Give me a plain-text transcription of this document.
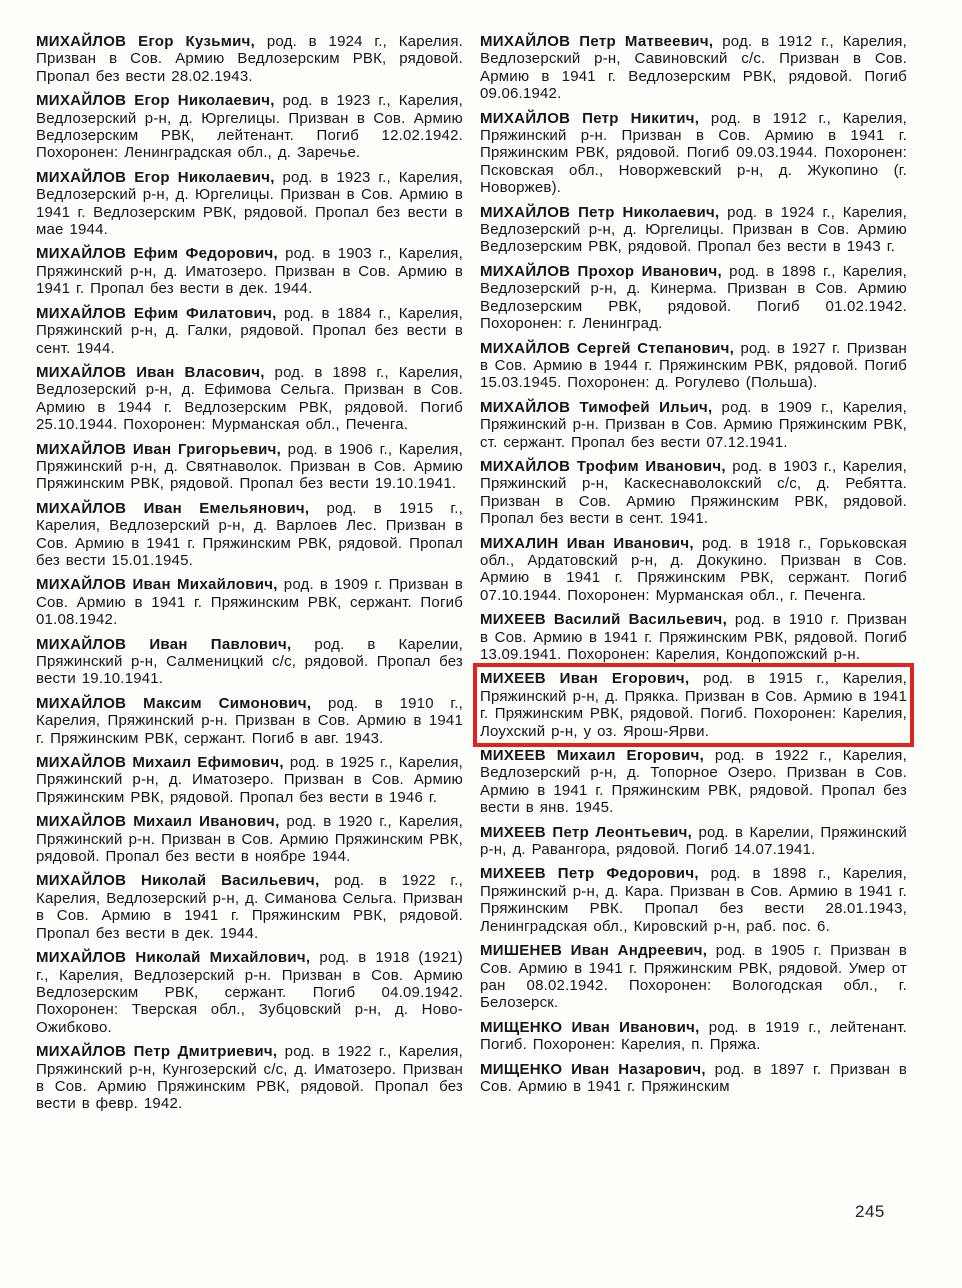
МИХАЙЛОВ Егор Кузьмич, род. в 1924 г., Карелия. Призван в Сов. Армию Ведлозерским РВК, рядовой. Пропал без вести 28.02.1943.

МИХАЙЛОВ Егор Николаевич, род. в 1923 г., Карелия, Ведлозерский р-н, д. Юргелицы. Призван в Сов. Армию Ведлозерским РВК, лейтенант. Погиб 12.02.1942. Похоронен: Ленинградская обл., д. Заречье.

МИХАЙЛОВ Егор Николаевич, род. в 1923 г., Карелия, Ведлозерский р-н, д. Юргелицы. Призван в Сов. Армию в 1941 г. Ведлозерским РВК, рядовой. Пропал без вести в мае 1944.

МИХАЙЛОВ Ефим Федорович, род. в 1903 г., Карелия, Пряжинский р-н, д. Иматозеро. Призван в Сов. Армию в 1941 г. Пропал без вести в дек. 1944.

МИХАЙЛОВ Ефим Филатович, род. в 1884 г., Карелия, Пряжинский р-н, д. Галки, рядовой. Пропал без вести в сент. 1944.

МИХАЙЛОВ Иван Власович, род. в 1898 г., Карелия, Ведлозерский р-н, д. Ефимова Сельга. Призван в Сов. Армию в 1944 г. Ведлозерским РВК, рядовой. Погиб 25.10.1944. Похоронен: Мурманская обл., Печенга.

МИХАЙЛОВ Иван Григорьевич, род. в 1906 г., Карелия, Пряжинский р-н, д. Святнаволок. Призван в Сов. Армию Пряжинским РВК, рядовой. Пропал без вести 19.10.1941.

МИХАЙЛОВ Иван Емельянович, род. в 1915 г., Карелия, Ведлозерский р-н, д. Варлоев Лес. Призван в Сов. Армию в 1941 г. Пряжинским РВК, рядовой. Пропал без вести 15.01.1945.

МИХАЙЛОВ Иван Михайлович, род. в 1909 г. Призван в Сов. Армию в 1941 г. Пряжинским РВК, сержант. Погиб 01.08.1942.

МИХАЙЛОВ Иван Павлович, род. в Карелии, Пряжинский р-н, Салменицкий с/с, рядовой. Пропал без вести 19.10.1941.

МИХАЙЛОВ Максим Симонович, род. в 1910 г., Карелия, Пряжинский р-н. Призван в Сов. Армию в 1941 г. Пряжинским РВК, сержант. Погиб в авг. 1943.

МИХАЙЛОВ Михаил Ефимович, род. в 1925 г., Карелия, Пряжинский р-н, д. Иматозеро. Призван в Сов. Армию Пряжинским РВК, рядовой. Пропал без вести в 1946 г.

МИХАЙЛОВ Михаил Иванович, род. в 1920 г., Карелия, Пряжинский р-н. Призван в Сов. Армию Пряжинским РВК, рядовой. Пропал без вести в ноябре 1944.

МИХАЙЛОВ Николай Васильевич, род. в 1922 г., Карелия, Ведлозерский р-н, д. Симанова Сельга. Призван в Сов. Армию в 1941 г. Пряжинским РВК, рядовой. Пропал без вести в дек. 1944.

МИХАЙЛОВ Николай Михайлович, род. в 1918 (1921) г., Карелия, Ведлозерский р-н. Призван в Сов. Армию Ведлозерским РВК, сержант. Погиб 04.09.1942. Похоронен: Тверская обл., Зубцовский р-н, д. Ново-Ожибково.

МИХАЙЛОВ Петр Дмитриевич, род. в 1922 г., Карелия, Пряжинский р-н, Кунгозерский с/с, д. Иматозеро. Призван в Сов. Армию Пряжинским РВК, рядовой. Пропал без вести в февр. 1942.

МИХАЙЛОВ Петр Матвеевич, род. в 1912 г., Карелия, Ведлозерский р-н, Савиновский с/с. Призван в Сов. Армию в 1941 г. Ведлозерским РВК, рядовой. Погиб 09.06.1942.

МИХАЙЛОВ Петр Никитич, род. в 1912 г., Карелия, Пряжинский р-н. Призван в Сов. Армию в 1941 г. Пряжинским РВК, рядовой. Погиб 09.03.1944. Похоронен: Псковская обл., Новоржевский р-н, д. Жукопино (г. Новоржев).

МИХАЙЛОВ Петр Николаевич, род. в 1924 г., Карелия, Ведлозерский р-н, д. Юргелицы. Призван в Сов. Армию Ведлозерским РВК, рядовой. Пропал без вести в 1943 г.

МИХАЙЛОВ Прохор Иванович, род. в 1898 г., Карелия, Ведлозерский р-н, д. Кинерма. Призван в Сов. Армию Ведлозерским РВК, рядовой. Погиб 01.02.1942. Похоронен: г. Ленинград.

МИХАЙЛОВ Сергей Степанович, род. в 1927 г. Призван в Сов. Армию в 1944 г. Пряжинским РВК, рядовой. Погиб 15.03.1945. Похоронен: д. Рогулево (Польша).

МИХАЙЛОВ Тимофей Ильич, род. в 1909 г., Карелия, Пряжинский р-н. Призван в Сов. Армию Пряжинским РВК, ст. сержант. Пропал без вести 07.12.1941.

МИХАЙЛОВ Трофим Иванович, род. в 1903 г., Карелия, Пряжинский р-н, Каскеснаволокский с/с, д. Ребятта. Призван в Сов. Армию Пряжинским РВК, рядовой. Пропал без вести в сент. 1941.

МИХАЛИН Иван Иванович, род. в 1918 г., Горьковская обл., Ардатовский р-н, д. Докукино. Призван в Сов. Армию в 1941 г. Пряжинским РВК, сержант. Погиб 07.10.1944. Похоронен: Мурманская обл., г. Печенга.

МИХЕЕВ Василий Васильевич, род. в 1910 г. Призван в Сов. Армию в 1941 г. Пряжинским РВК, рядовой. Погиб 13.09.1941. Похоронен: Карелия, Кондопожский р-н.

МИХЕЕВ Иван Егорович, род. в 1915 г., Карелия, Пряжинский р-н, д. Прякка. Призван в Сов. Армию в 1941 г. Пряжинским РВК, рядовой. Погиб. Похоронен: Карелия, Лоухский р-н, у оз. Ярош-Ярви.

МИХЕЕВ Михаил Егорович, род. в 1922 г., Карелия, Ведлозерский р-н, д. Топорное Озеро. Призван в Сов. Армию в 1941 г. Пряжинским РВК, рядовой. Пропал без вести в янв. 1945.

МИХЕЕВ Петр Леонтьевич, род. в Карелии, Пряжинский р-н, д. Равангора, рядовой. Погиб 14.07.1941.

МИХЕЕВ Петр Федорович, род. в 1898 г., Карелия, Пряжинский р-н, д. Кара. Призван в Сов. Армию в 1941 г. Пряжинским РВК. Пропал без вести 28.01.1943, Ленинградская обл., Кировский р-н, раб. пос. 6.

МИШЕНЕВ Иван Андреевич, род. в 1905 г. Призван в Сов. Армию в 1941 г. Пряжинским РВК, рядовой. Умер от ран 08.02.1942. Похоронен: Вологодская обл., г. Белозерск.

МИЩЕНКО Иван Иванович, род. в 1919 г., лейтенант. Погиб. Похоронен: Карелия, п. Пряжа.

МИЩЕНКО Иван Назарович, род. в 1897 г. Призван в Сов. Армию в 1941 г. Пряжинским

245
